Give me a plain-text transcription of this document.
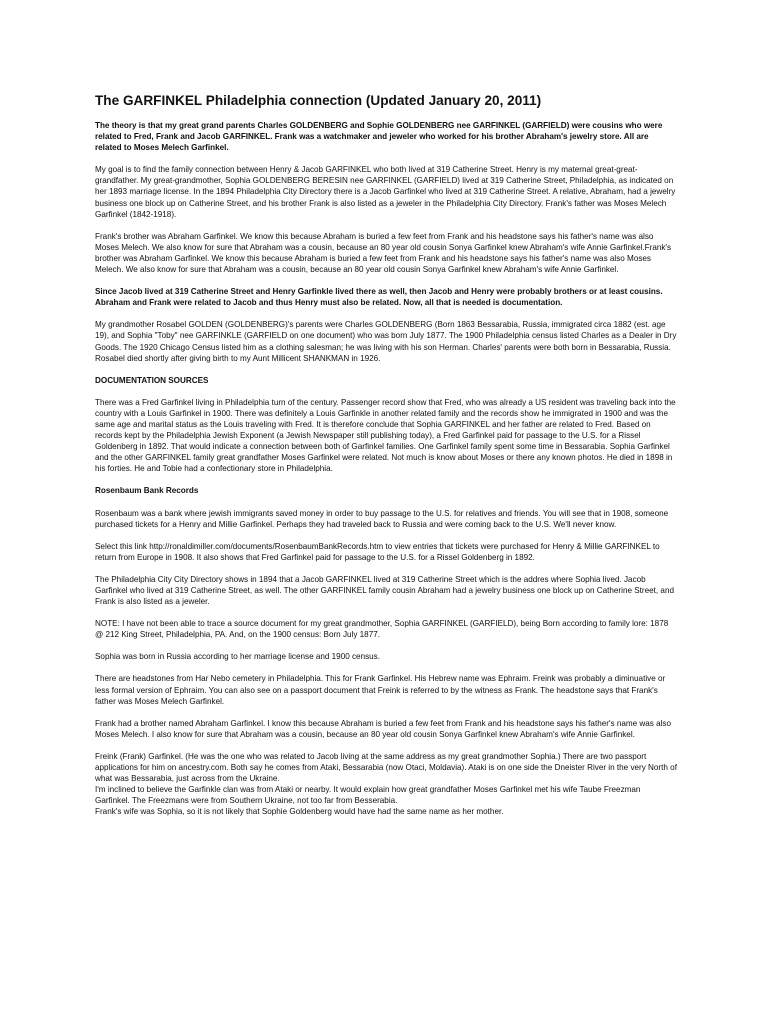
The GARFINKEL Philadelphia connection (Updated January 20, 2011)

The theory is that my great grand parents Charles GOLDENBERG and Sophie GOLDENBERG nee GARFINKEL (GARFIELD) were cousins who were related to Fred, Frank and Jacob GARFINKEL. Frank was a watchmaker and jeweler who worked for his brother Abraham's jewelry store. All are related to Moses Melech Garfinkel.

My goal is to find the family connection between Henry & Jacob GARFINKEL who both lived at 319 Catherine Street. Henry is my maternal great-great-grandfather. My great-grandmother, Sophia GOLDENBERG BERESIN nee GARFINKEL (GARFIELD) lived at 319 Catherine Street, Philadelphia, as indicated on her 1893 marriage license. In the 1894 Philadelphia City Directory there is a Jacob Garfinkel who lived at 319 Catherine Street. A relative, Abraham, had a jewelry business one block up on Catherine Street, and his brother Frank is also listed as a jeweler in the Philadelphia City Directory. Frank's father was Moses Melech Garfinkel (1842-1918).

Frank's brother was Abraham Garfinkel. We know this because Abraham is buried a few feet from Frank and his headstone says his father's name was also Moses Melech. We also know for sure that Abraham was a cousin, because an 80 year old cousin Sonya Garfinkel knew Abraham's wife Annie Garfinkel.Frank's brother was Abraham Garfinkel. We know this because Abraham is buried a few feet from Frank and his headstone says his father's name was also Moses Melech. We also know for sure that Abraham was a cousin, because an 80 year old cousin Sonya Garfinkel knew Abraham's wife Annie Garfinkel.

Since Jacob lived at 319 Catherine Street and Henry Garfinkle lived there as well, then Jacob and Henry were probably brothers or at least cousins. Abraham and Frank were related to Jacob and thus Henry must also be related. Now, all that is needed is documentation.

My grandmother Rosabel GOLDEN (GOLDENBERG)'s parents were Charles GOLDENBERG (Born 1863 Bessarabia, Russia, immigrated circa 1882 (est. age 19), and Sophia "Toby" nee GARFINKLE (GARFIELD on one document) who was born July 1877. The 1900 Philadelphia census listed Charles as a Dealer in Dry Goods. The 1920 Chicago Census listed him as a clothing salesman; he was living with his son Herman. Charles' parents were both born in Bessarabia, Russia. Rosabel died shortly after giving birth to my Aunt Millicent SHANKMAN in 1926.

DOCUMENTATION SOURCES

There was a Fred Garfinkel living in Philadelphia turn of the century. Passenger record show that Fred, who was already a US resident was traveling back into the country with a Louis Garfinkel in 1900. There was definitely a Louis Garfinkle in another related family and the records show he immigrated in 1900 and was the same age and marital status as the Louis traveling with Fred. It is therefore conclude that Sophia GARFINKEL and her father are related to Fred. Based on records kept by the Philadelphia Jewish Exponent (a Jewish Newspaper still publishing today), a Fred Garfinkel paid for passage to the U.S. for a Rissel Goldenberg in 1892. That would indicate a connection between both of Garfinkel families. One Garfinkel family spent some time in Bessarabia. Sophia Garfinkel and the other GARFINKEL family great grandfather Moses Garfinkel were related. Not much is know about Moses or there any known photos. He died in 1898 in his forties. He and Tobie had a confectionary store in Philadelphia.

Rosenbaum Bank Records

Rosenbaum was a bank where jewish immigrants saved money in order to buy passage to the U.S. for relatives and friends. You will see that in 1908, someone purchased tickets for a Henry and Millie Garfinkel. Perhaps they had traveled back to Russia and were coming back to the U.S. We'll never know.

Select this link http://ronaldimiller.com/documents/RosenbaumBankRecords.htm to view entries that tickets were purchased for Henry & Millie GARFINKEL to return from Europe in 1908. It also shows that Fred Garfinkel paid for passage to the U.S. for a Rissel Goldenberg in 1892.

The Philadelphia City City Directory shows in 1894 that a Jacob GARFINKEL lived at 319 Catherine Street which is the addres where Sophia lived. Jacob Garfinkel who lived at 319 Catherine Street, as well. The other GARFINKEL family cousin Abraham had a jewelry business one block up on Catherine Street, and Frank is also listed as a jeweler.

NOTE: I have not been able to trace a source document for my great grandmother, Sophia GARFINKEL (GARFIELD), being Born according to family lore: 1878 @ 212 King Street, Philadelphia, PA. And, on the 1900 census: Born July 1877.

Sophia was born in Russia according to her marriage license and 1900 census.

There are headstones from Har Nebo cemetery in Philadelphia. This for Frank Garfinkel. His Hebrew name was Ephraim. Freink was probably a diminuative or less formal version of Ephraim. You can also see on a passport document that Freink is referred to by the witness as Frank. The headstone says that Frank's father was Moses Melech Garfinkel.

Frank had a brother named Abraham Garfinkel. I know this because Abraham is buried a few feet from Frank and his headstone says his father's name was also Moses Melech. I also know for sure that Abraham was a cousin, because an 80 year old cousin Sonya Garfinkel knew Abraham's wife Annie Garfinkel.

Freink (Frank) Garfinkel. (He was the one who was related to Jacob living at the same address as my great grandmother Sophia.) There are two passport applications for him on ancestry.com. Both say he comes from Ataki, Bessarabia (now Otaci, Moldavia). Ataki is on one side the Dneister River in the very North of what was Bessarabia, just across from the Ukraine.

I'm inclined to believe the Garfinkle clan was from Ataki or nearby. It would explain how great grandfather Moses Garfinkel met his wife Taube Freezman Garfinkel. The Freezmans were from Southern Ukraine, not too far from Besserabia.

Frank's wife was Sophia, so it is not likely that Sophie Goldenberg would have had the same name as her mother.
